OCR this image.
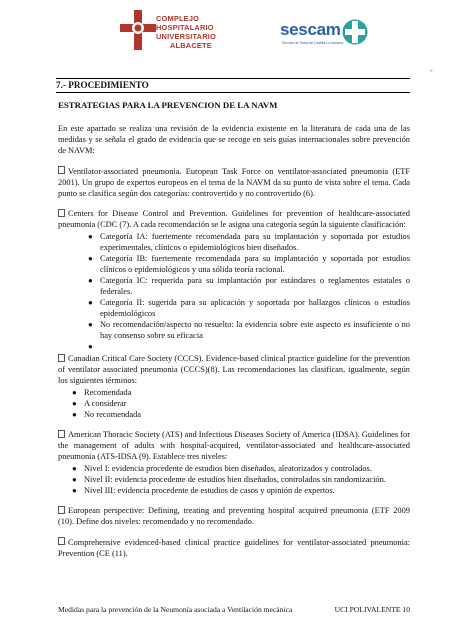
COMPLEJO
HOSPITALARIO
UNIVERSITARIO
ALBACETE
sescam
Servicio de Salud de Castilla-La Mancha
-
7.- PROCEDIMIENTO
ESTRATEGIAS PARA LA PREVENCION DE LA NAVM

En este apartado se realiza una revisión de la evidencia existente en la literatura de cada una de las medidas y se señala el grado de evidencia que se recoge en seis guías internacionales sobre prevención de NAVM:

Ventilator-associated pneumonia. European Task Force on ventilator-associated pneumonia (ETF 2001). Un grupo de expertos europeos en el tema de la NAVM da su punto de vista sobre el tema. Cada punto se clasifica según dos categorías: controvertido y no controvertido (6).

Centers for Disease Control and Prevention. Guidelines for prevention of healthcare-associated pneumonia (CDC (7). A cada recomendación se le asigna una categoría según la siguiente clasificación:

● Categoría IA: fuertemente recomendada para su implantación y soportada por estudios experimentales, clínicos o epidemiológicos bien diseñados.
● Categoría IB: fuertemente recomendada para su implantación y soportada por estudios clínicos o epidemiológicos y una sólida teoría racional.
● Categoría IC: requerida para su implantación por estándares o reglamentos estatales o federales.
● Categoría II: sugerida para su aplicación y soportada por hallazgos clínicos o estudios epidemiológicos
● No recomendación/aspecto no resuelto: la evidencia sobre este aspecto es insuficiente o no hay consenso sobre su eficacia
●

Canadian Critical Care Society (CCCS). Evidence-based clinical practice guideline for the prevention of ventilator associated pneumonia (CCCS)(8). Las recomendaciones las clasifican, igualmente, según los siguientes términos:

● Recomendada
● A considerar
● No recomendada

American Thoracic Society (ATS) and Infectious Diseases Society of America (IDSA). Guidelines for the management of adults with hospital-acquired, ventilator-associated and healthcare-associated pneumonia (ATS-IDSA (9). Establece tres niveles:

● Nivel I: evidencia procedente de estudios bien diseñados, aleatorizados y controlados.
● Nivel II: evidencia procedente de estudios bien diseñados, controlados sin randomización.
● Nivel III: evidencia procedente de estudios de casos y opinión de expertos.

European perspective: Defining, treating and preventing hospital acquired pneumonia (ETF 2009 (10). Define dos niveles: recomendado y no recomendado.

Comprehensive evidenced-based clinical practice guidelines for ventilator-associated pneumonia: Prevention (CE (11).

Medidas para la prevención de la Neumonía asociada a Ventilación mecánica	UCI POLIVALENTE 10
